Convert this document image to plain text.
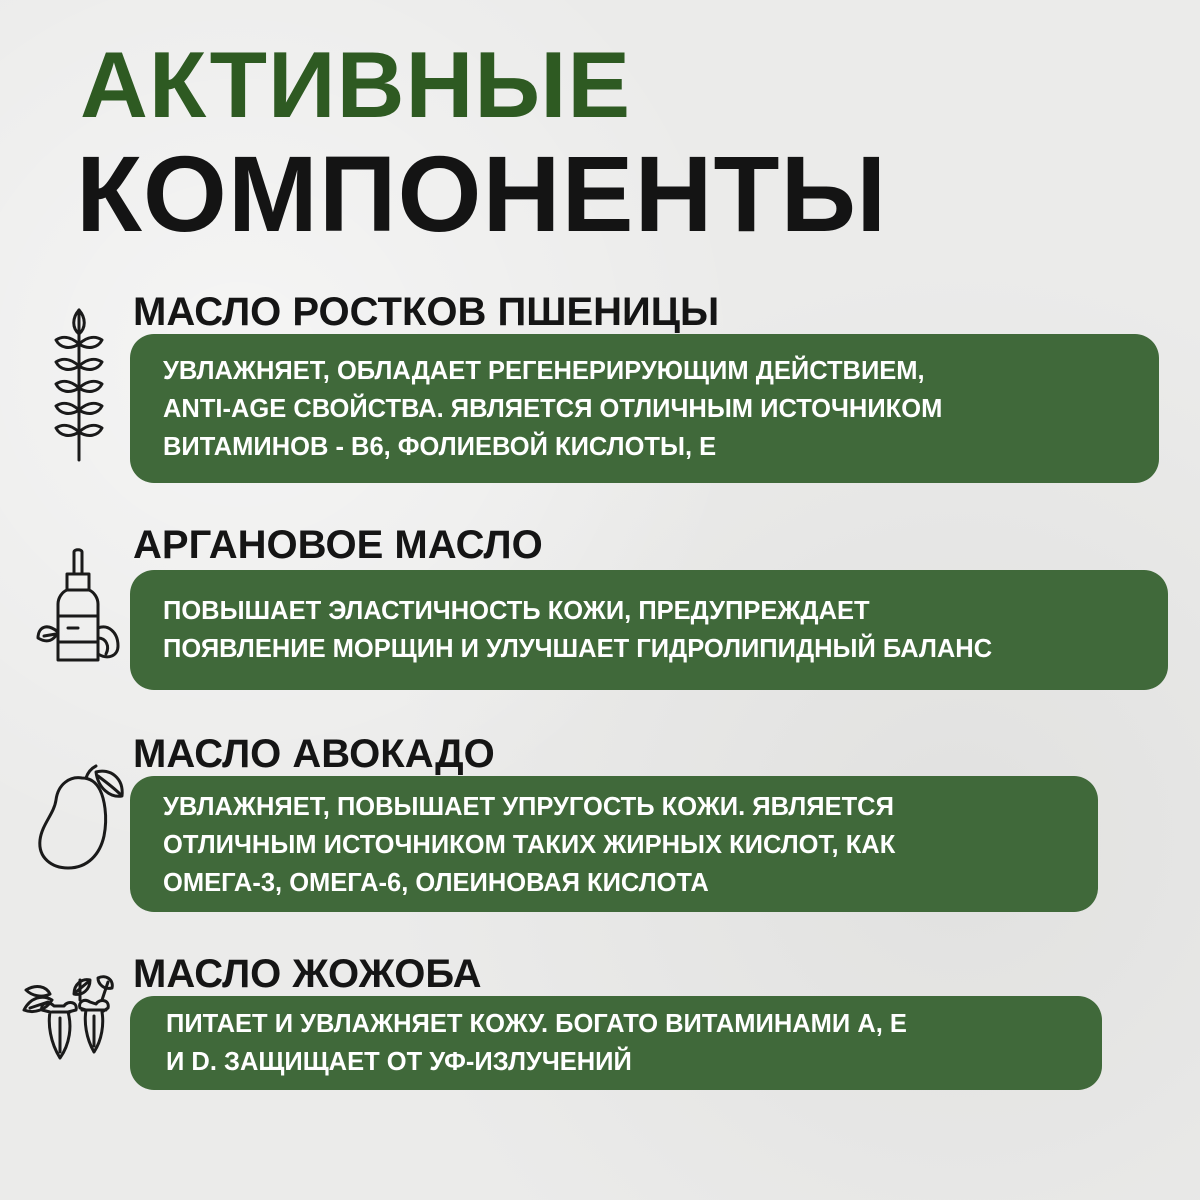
АКТИВНЫЕ
КОМПОНЕНТЫ
МАСЛО РОСТКОВ ПШЕНИЦЫ

УВЛАЖНЯЕТ, ОБЛАДАЕТ РЕГЕНЕРИРУЮЩИМ ДЕЙСТВИЕМ,

ANTI-AGE СВОЙСТВА. ЯВЛЯЕТСЯ ОТЛИЧНЫМ ИСТОЧНИКОМ

ВИТАМИНОВ - В6, ФОЛИЕВОЙ КИСЛОТЫ, Е

АРГАНОВОЕ МАСЛО

ПОВЫШАЕТ ЭЛАСТИЧНОСТЬ КОЖИ, ПРЕДУПРЕЖДАЕТ

ПОЯВЛЕНИЕ МОРЩИН И УЛУЧШАЕТ ГИДРОЛИПИДНЫЙ БАЛАНС

МАСЛО АВОКАДО

УВЛАЖНЯЕТ, ПОВЫШАЕТ УПРУГОСТЬ КОЖИ. ЯВЛЯЕТСЯ

ОТЛИЧНЫМ ИСТОЧНИКОМ ТАКИХ ЖИРНЫХ КИСЛОТ, КАК

ОМЕГА-3, ОМЕГА-6, ОЛЕИНОВАЯ КИСЛОТА

МАСЛО ЖОЖОБА

ПИТАЕТ И УВЛАЖНЯЕТ КОЖУ. БОГАТО ВИТАМИНАМИ А, Е

И D. ЗАЩИЩАЕТ ОТ УФ-ИЗЛУЧЕНИЙ
